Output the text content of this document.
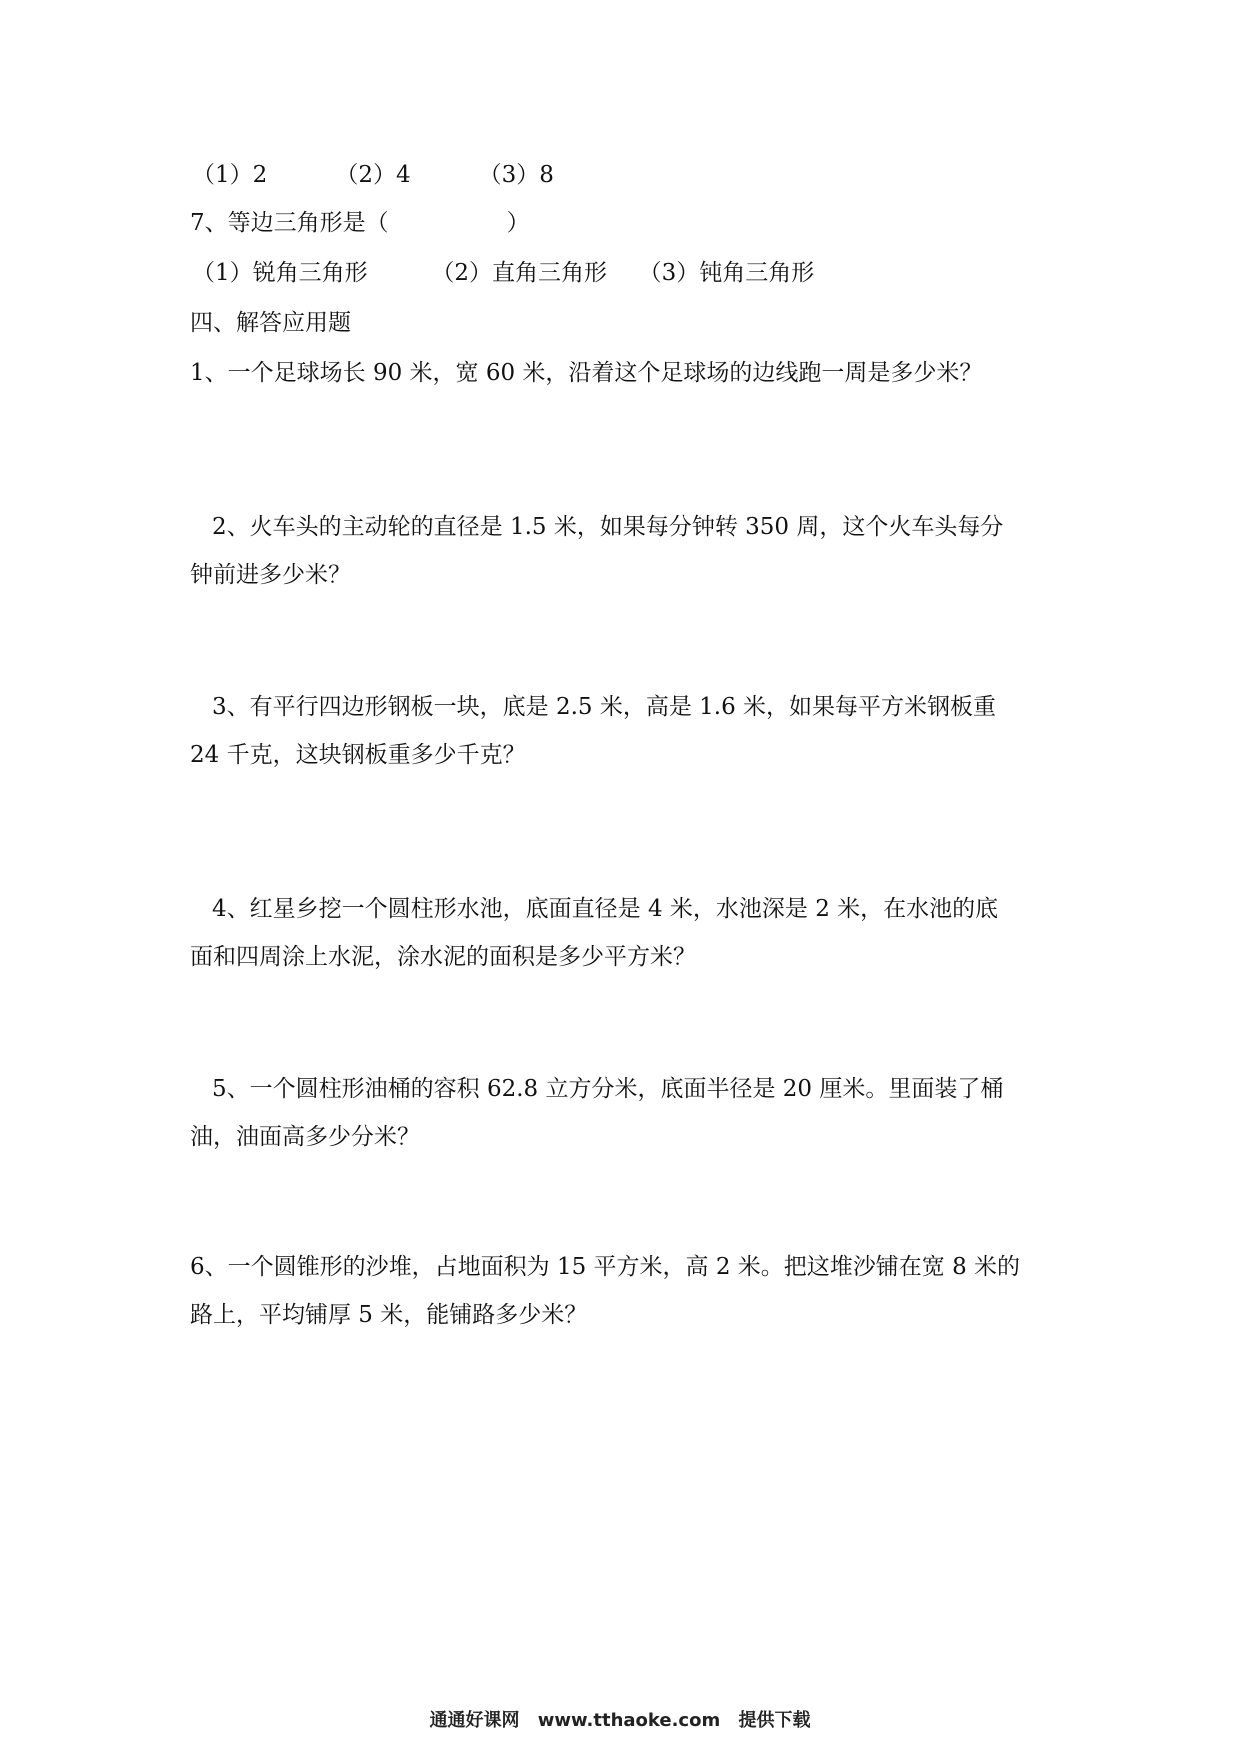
（1）2	（2）4	（3）8
7、等边三角形是（	）
（1）锐角三角形	（2）直角三角形 （3）钝角三角形
四、解答应用题
1、一个足球场长 90 米，宽 60 米，沿着这个足球场的边线跑一周是多少米？
2、火车头的主动轮的直径是 1.5 米，如果每分钟转 350 周，这个火车头每分
钟前进多少米？
3、有平行四边形钢板一块，底是 2.5 米，高是 1.6 米，如果每平方米钢板重
24 千克，这块钢板重多少千克？
4、红星乡挖一个圆柱形水池，底面直径是 4 米，水池深是 2 米，在水池的底
面和四周涂上水泥，涂水泥的面积是多少平方米？
5、一个圆柱形油桶的容积 62.8 立方分米，底面半径是 20 厘米。里面装了桶
油，油面高多少分米？
6、一个圆锥形的沙堆，占地面积为 15 平方米，高 2 米。把这堆沙铺在宽 8 米的
路上，平均铺厚 5 米，能铺路多少米？
通通好课网 www.tthaoke.com 提供下载
